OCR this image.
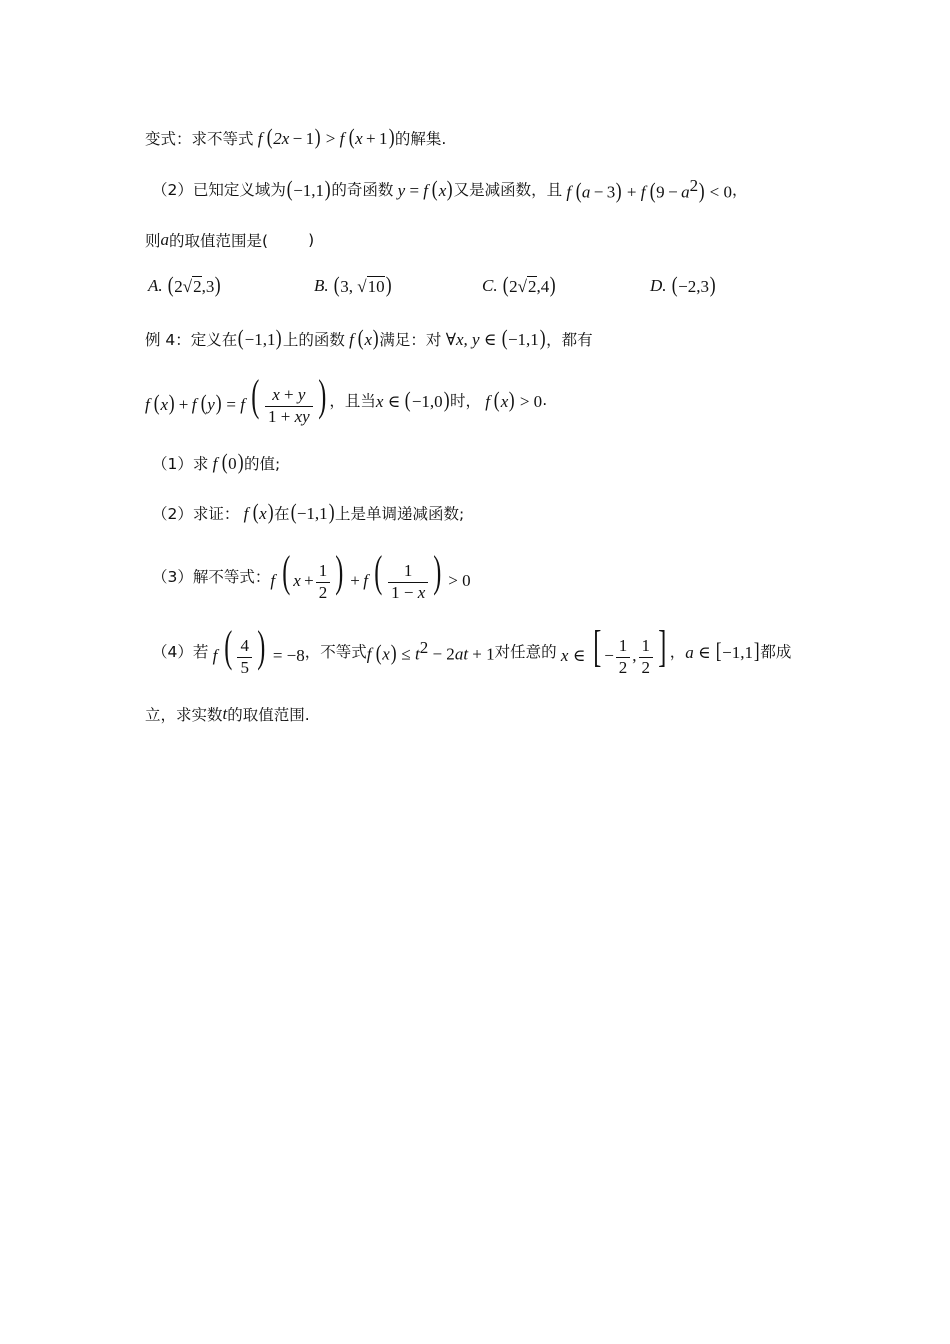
变式：求不等式 f (2x − 1) > f (x + 1) 的解集.
（2） 已知定义域为 (−1,1) 的奇函数 y = f (x) 又是减函数，且 f (a − 3) + f $(9 - a^2) < 0$ ，
则 a 的取值范围是(	)
A. (2√2,3)	B. (3, √10)	C. (2√2,4)	D. (−2,3)
例 4： 定义在 (−1,1) 上的函数 f (x) 满足：对 ∀x, y ∈ (−1,1) ，都有
f (x) + f (y) = f ( $\frac{x + y}{1 + xy}$ ) ，且当 x ∈ (−1,0) 时， f (x) > 0 .
（1） 求 f (0) 的值;
（2） 求证： f (x) 在 (−1,1) 上是单调递减函数;
（3） 解不等式： f ( $x + \frac{1}{2}$ ) + f ( $\frac{1}{1 - x}$ ) > 0
（4） 若 f ( $\frac{4}{5}$ ) = −8 ，不等式 f $(x) \le t^2 - 2at + 1$ 对任意的 x ∈ [ − $\frac{1}{2}$ , $\frac{1}{2}$ ] ， a ∈ [−1,1] 都成
立，求实数 t 的取值范围.
